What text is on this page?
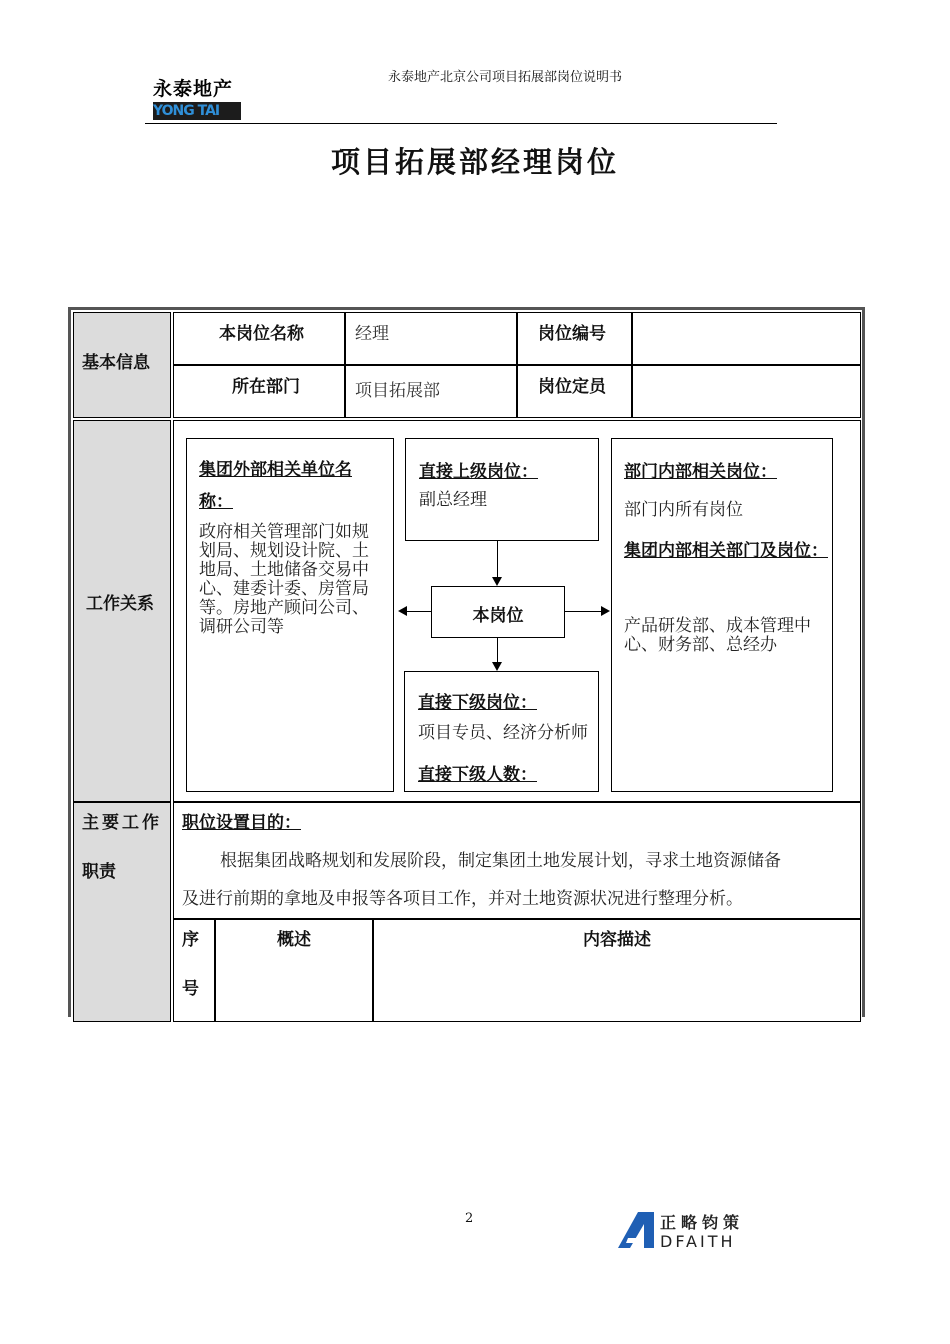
永泰地产
YONG TAI
永泰地产北京公司项目拓展部岗位说明书
项目拓展部经理岗位
基本信息
本岗位名称	经理	岗位编号
所在部门	项目拓展部	岗位定员
工作关系
集团外部相关单位名称：
政府相关管理部门如规划局、规划设计院、土地局、土地储备交易中心、建委计委、房管局等。房地产顾问公司、调研公司等
直接上级岗位：
副总经理
本岗位
直接下级岗位：
项目专员、经济分析师
直接下级人数：
部门内部相关岗位：
部门内所有岗位
集团内部相关部门及岗位：
产品研发部、成本管理中心、财务部、总经办
主要工作
职责
职位设置目的：
根据集团战略规划和发展阶段，制定集团土地发展计划，寻求土地资源储备
及进行前期的拿地及申报等各项目工作，并对土地资源状况进行整理分析。
序
号
概述	内容描述
2	正略钧策
DFAITH
